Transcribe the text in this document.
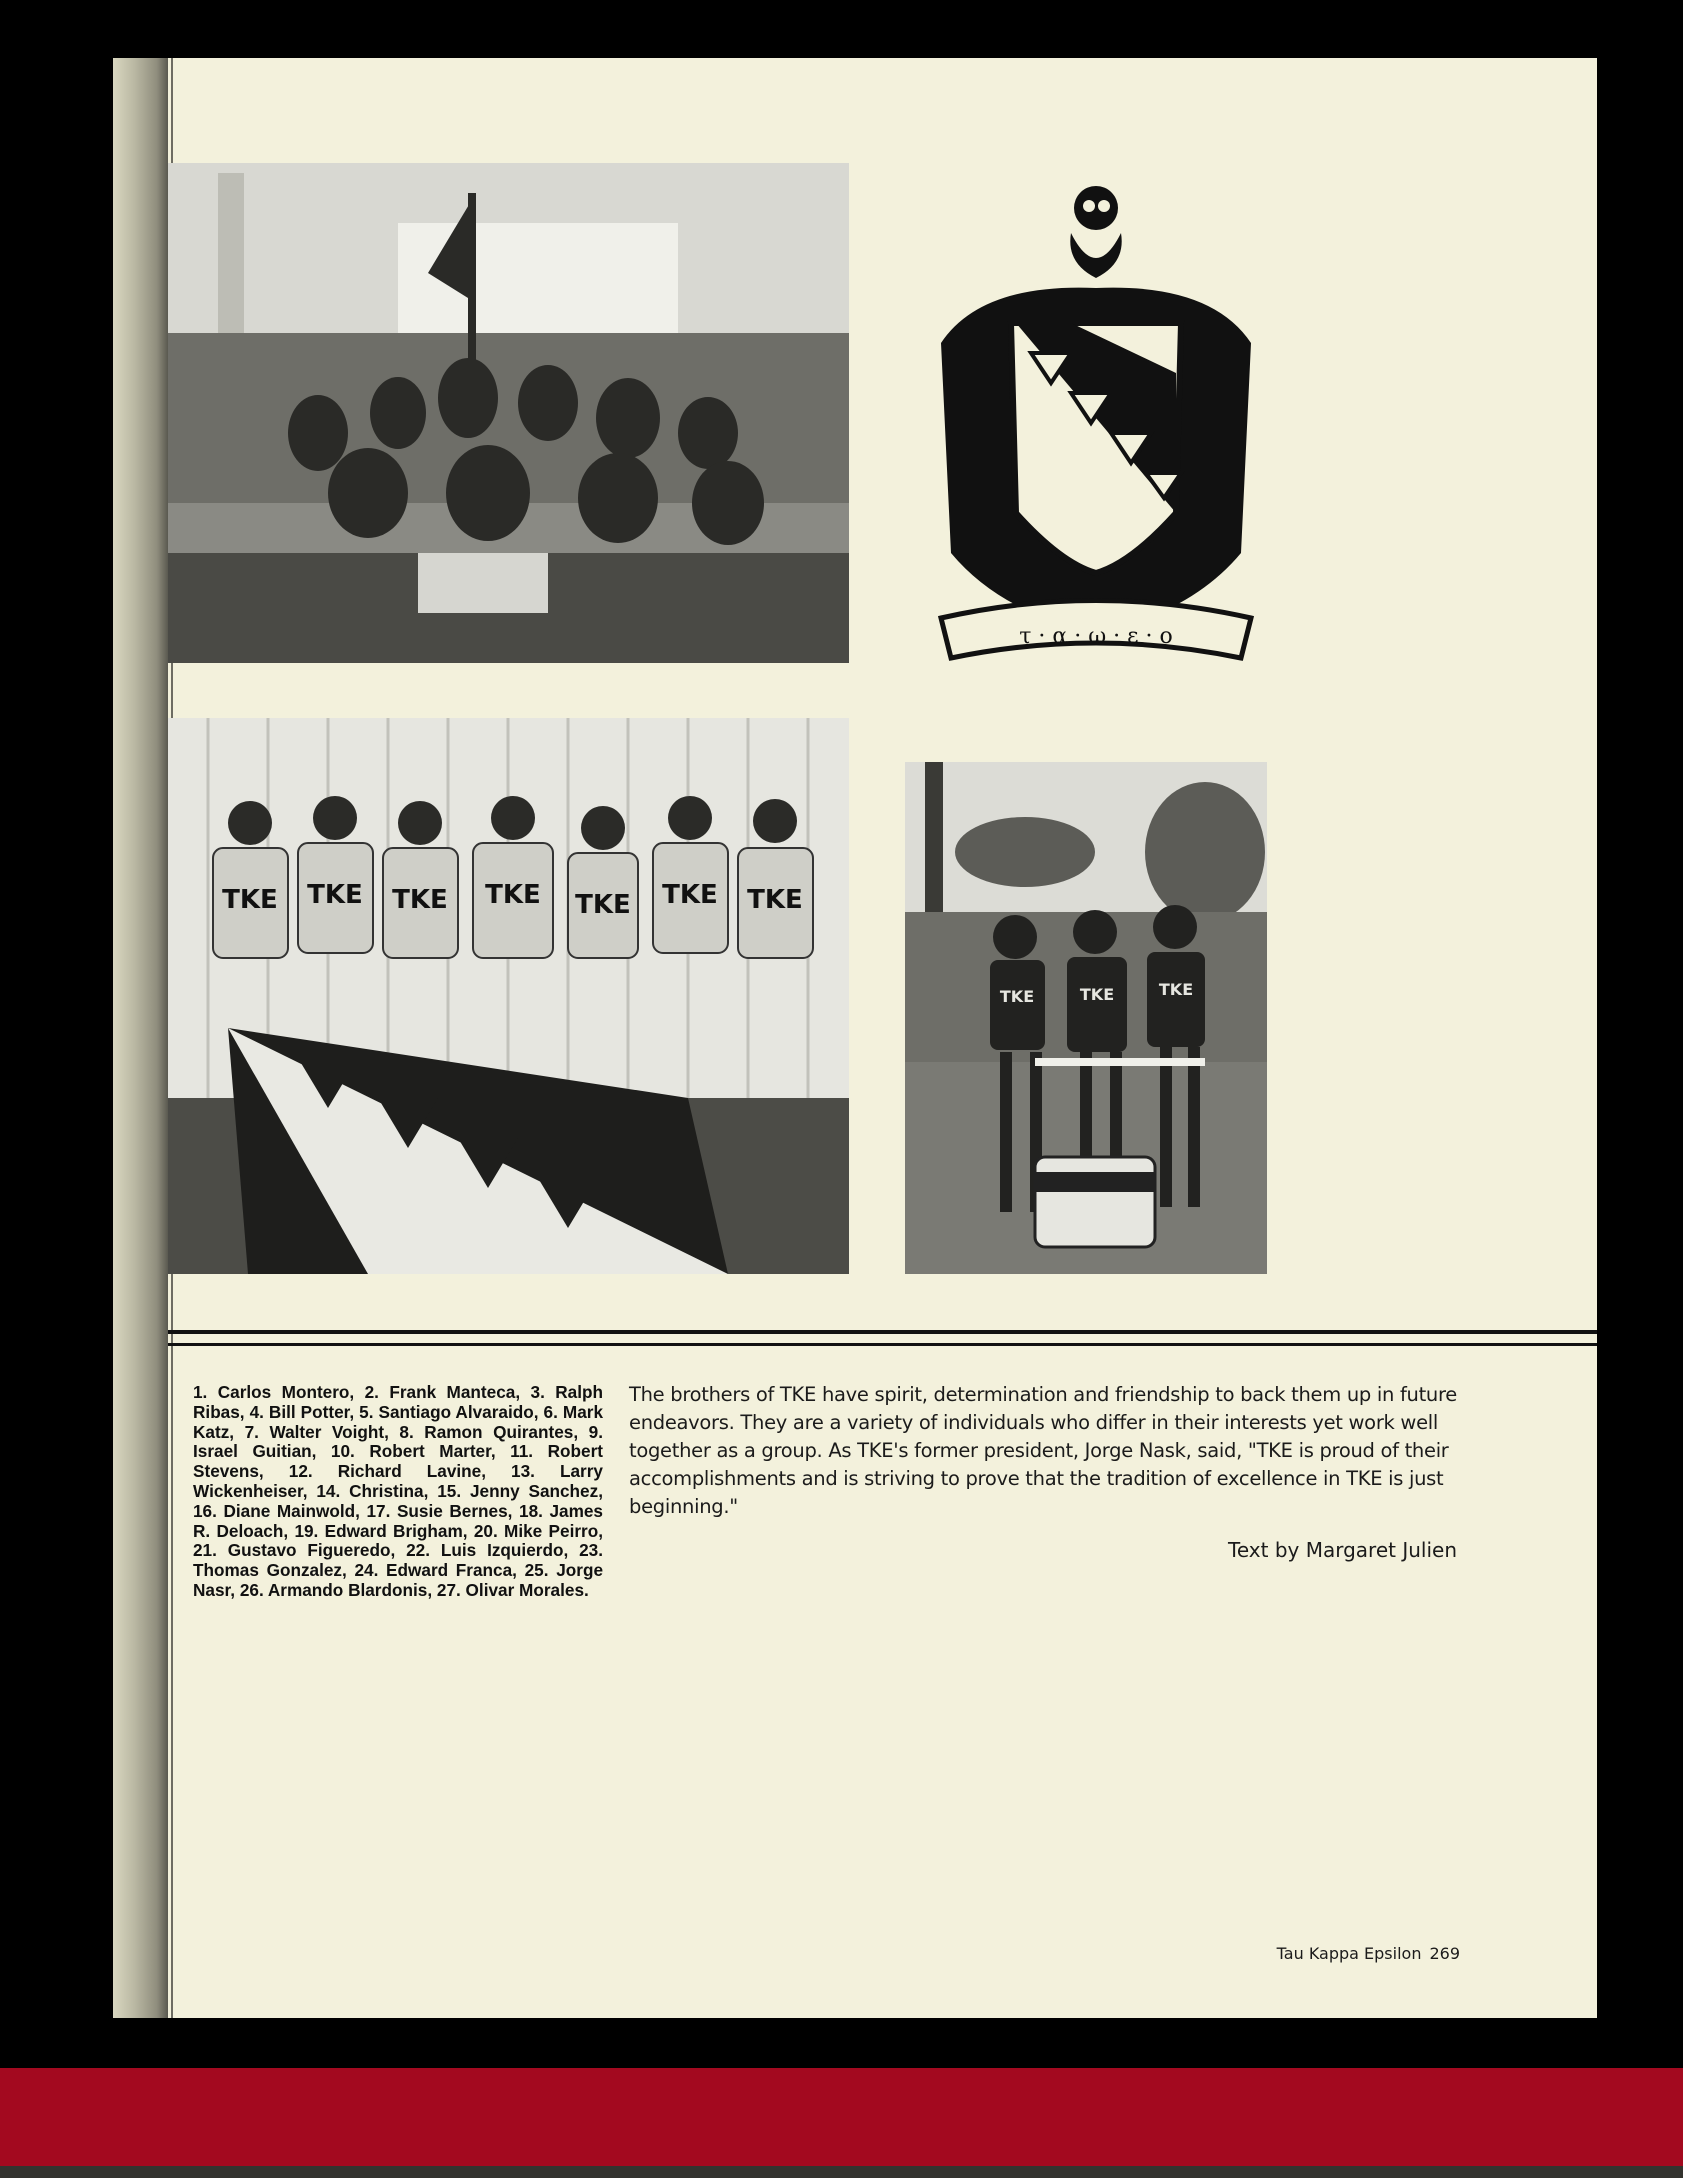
τ · α · ω · ε · ο
TKE TKE TKE TKE TKE TKE TKE
TKE	TKE	TKE
1. Carlos Montero, 2. Frank Manteca, 3. Ralph Ribas, 4. Bill Potter, 5. Santiago Alvaraido, 6. Mark Katz, 7. Walter Voight, 8. Ramon Quirantes, 9. Israel Guitian, 10. Robert Marter, 11. Robert Stevens, 12. Richard Lavine, 13. Larry Wickenheiser, 14. Christina, 15. Jenny Sanchez, 16. Diane Mainwold, 17. Susie Bernes, 18. James R. Deloach, 19. Edward Brigham, 20. Mike Peirro, 21. Gustavo Figueredo, 22. Luis Izquierdo, 23. Thomas Gonzalez, 24. Edward Franca, 25. Jorge Nasr, 26. Armando Blardonis, 27. Olivar Morales.
The brothers of TKE have spirit, determination and friendship to back them up in future endeavors. They are a variety of individuals who differ in their interests yet work well together as a group. As TKE's former president, Jorge Nask, said, "TKE is proud of their accomplishments and is striving to prove that the tradition of excellence in TKE is just beginning."
Text by Margaret Julien
Tau Kappa Epsilon 269
